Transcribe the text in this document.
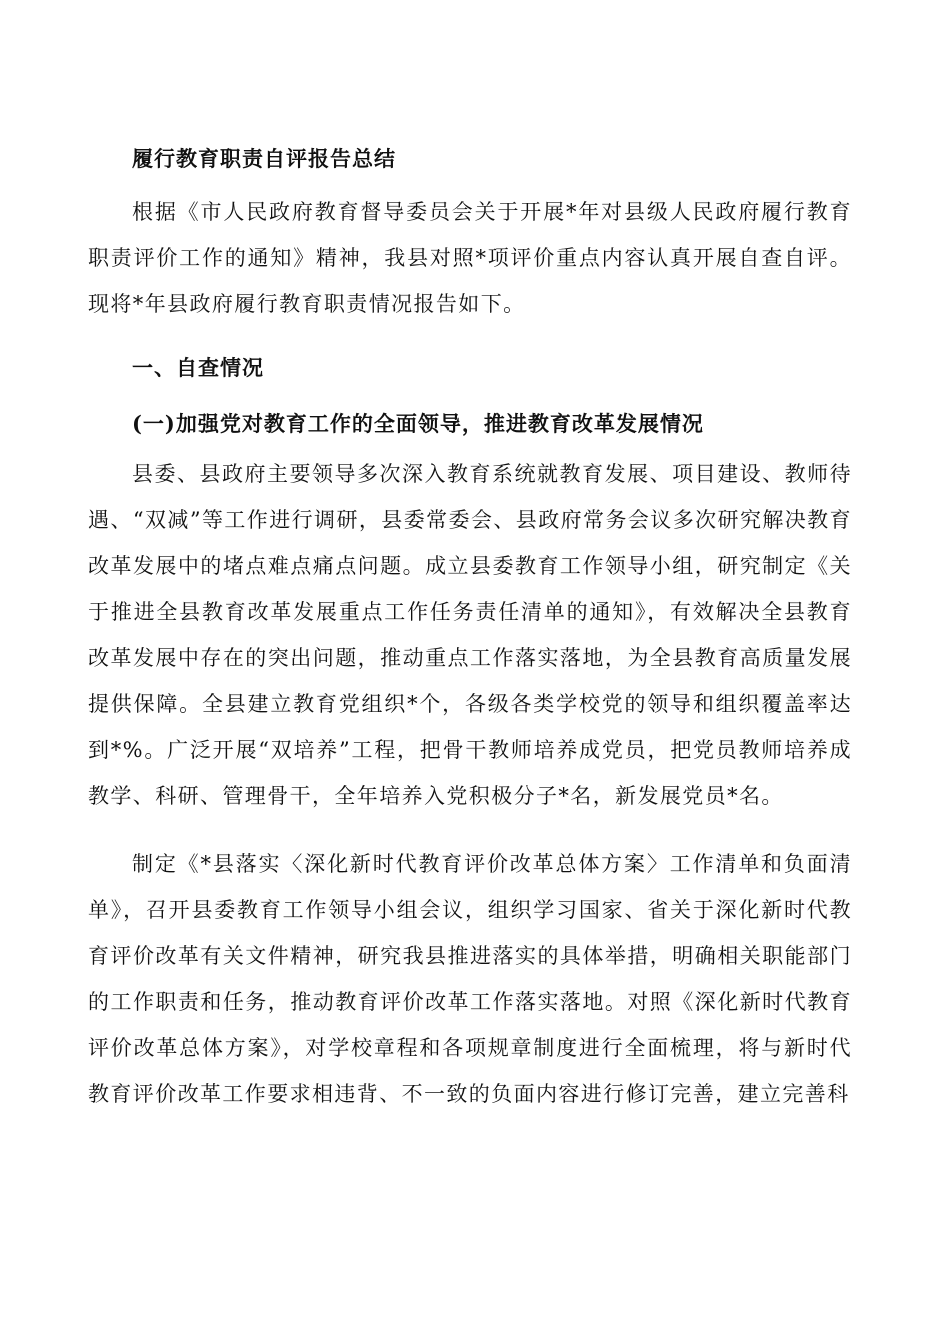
履行教育职责自评报告总结

根据《市人民政府教育督导委员会关于开展*年对县级人民政府履行教育职责评价工作的通知》精神，我县对照*项评价重点内容认真开展自查自评。现将*年县政府履行教育职责情况报告如下。

一、自查情况

(一)加强党对教育工作的全面领导，推进教育改革发展情况

县委、县政府主要领导多次深入教育系统就教育发展、项目建设、教师待遇、“双减”等工作进行调研，县委常委会、县政府常务会议多次研究解决教育改革发展中的堵点难点痛点问题。成立县委教育工作领导小组，研究制定《关于推进全县教育改革发展重点工作任务责任清单的通知》，有效解决全县教育改革发展中存在的突出问题，推动重点工作落实落地，为全县教育高质量发展提供保障。全县建立教育党组织*个，各级各类学校党的领导和组织覆盖率达到*%。广泛开展“双培养”工程，把骨干教师培养成党员，把党员教师培养成教学、科研、管理骨干，全年培养入党积极分子*名，新发展党员*名。

制定《*县落实〈深化新时代教育评价改革总体方案〉工作清单和负面清单》，召开县委教育工作领导小组会议，组织学习国家、省关于深化新时代教育评价改革有关文件精神，研究我县推进落实的具体举措，明确相关职能部门的工作职责和任务，推动教育评价改革工作落实落地。对照《深化新时代教育评价改革总体方案》，对学校章程和各项规章制度进行全面梳理，将与新时代教育评价改革工作要求相违背、不一致的负面内容进行修订完善，建立完善科
